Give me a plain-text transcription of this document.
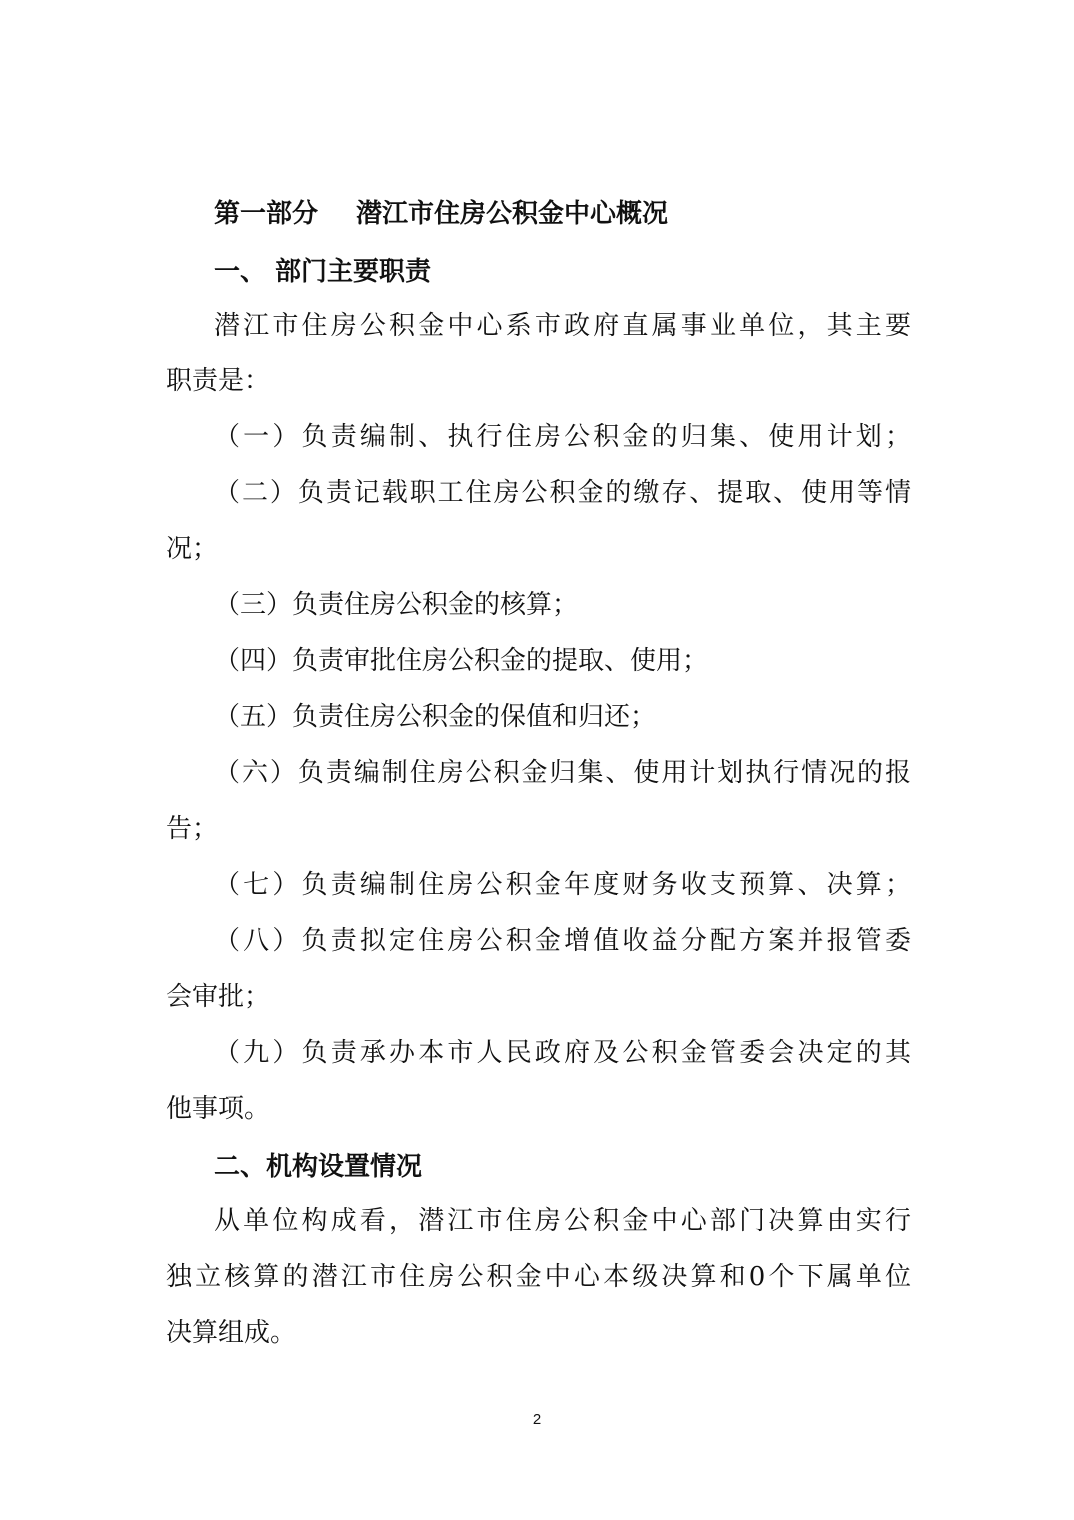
第一部分 潜江市住房公积金中心概况
一、 部门主要职责
潜江市住房公积金中心系市政府直属事业单位，其主要
职责是：
（一）负责编制、执行住房公积金的归集、使用计划；
（二）负责记载职工住房公积金的缴存、提取、使用等情
况；
（三）负责住房公积金的核算；
（四）负责审批住房公积金的提取、使用；
（五）负责住房公积金的保值和归还；
（六）负责编制住房公积金归集、使用计划执行情况的报
告；
（七）负责编制住房公积金年度财务收支预算、决算；
（八）负责拟定住房公积金增值收益分配方案并报管委
会审批；
（九）负责承办本市人民政府及公积金管委会决定的其
他事项。
二、机构设置情况
从单位构成看，潜江市住房公积金中心部门决算由实行
独立核算的潜江市住房公积金中心本级决算和0个下属单位
决算组成。
2
